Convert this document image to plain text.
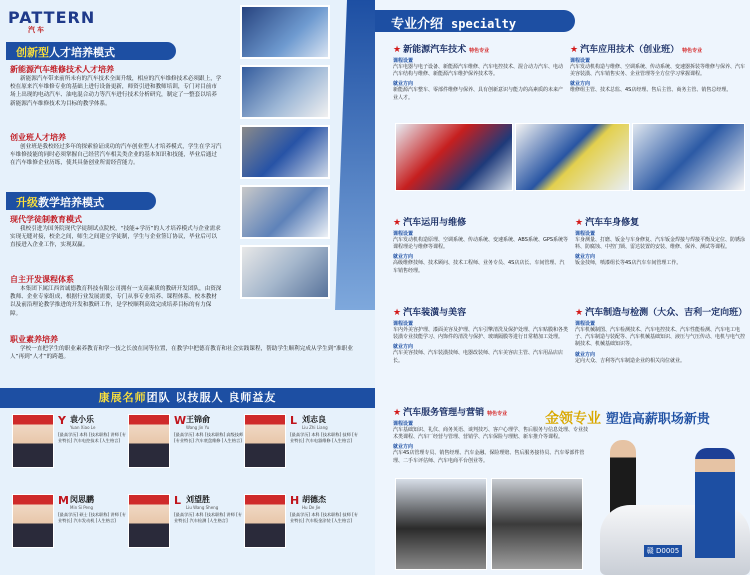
PATTERN
汽车
创新型人才培养模式
新能源汽车维修技术人才培养
新能源汽车带来前所未有的汽车技术全面升级，相应的汽车维修技术必须跟上，学校在原来汽车维修专业的基础上进行设备更新，师资引进和教师培训，专门对目前市场上出现的电动汽车、油电混合动力等汽车进行技术分析研究，制定了一整套以培养新能源汽车维修技术为目标的教学体系。
创业班人才培养
创业班是我校经过多年的探索验证成功的汽车创业型人才培养模式，学生在学习汽车维修技能的同时必须掌握自己经营汽车相关类企业的基本知识和技能，毕业后通过在汽车维修企业历练，使其具备创业所需经营能力。
升级教学培养模式
现代学徒制教育模式
我校引进为国务院现代学徒制试点院校，“技能+学历”的人才培养模式与企业需求实现无缝对接，校企之间，师生之间建立学徒制，学生与企业签订协议，毕业后可以直接进入企业工作，实现双赢。
自主开发课程体系
本集团下属江西省诚德教育科技有限公司拥有一支高素质的教研开发团队，由资深教师、企业专家组成，根据行业发展需要，专门从事专业培养、课程体系、校本教材以及前沿理论教学推进的开发和教研工作，是学校顺利高效完成培养目标的有力保障。
职业素养培养
学校一直把学生的职业素养教育和学一技之长放在同等位置，在教学中把德育教育和社会实践课程，帮助学生顺利完成从学生到“准职业人”再到“人才”的跨越。
康展名师团队 以技服人 良师益友
Y 袁小乐
Yuan Xiao Le
[最高学历] 本科 [技术职称] 讲师 [专业特长] 汽车电控技术 [人生格言]
W 王锦俞
Wang Jin Yu
[最高学历] 本科 [技术职称] 高级技师 [专业特长] 汽车底盘维修 [人生格言]
L 刘志良
Liu Zhi Liang
[最高学历] 本科 [技术职称] 技师 [专业特长] 汽车电器维修 [人生格言]
M 闵思鹏
Min Si Peng
[最高学历] 硕士 [技术职称] 讲师 [专业特长] 汽车发动机 [人生格言]
L 刘望胜
Liu Wang Sheng
[最高学历] 本科 [技术职称] 讲师 [专业特长] 汽车检测 [人生格言]
H 胡德杰
Hu De Jie
[最高学历] 本科 [技术职称] 技师 [专业特长] 汽车钣金涂装 [人生格言]
专业介绍 specialty
★ 新能源汽车技术 特色专业
课程设置
汽车电器与电子设备、新能源汽车维修、汽车电控技术、混合动力汽车、电动汽车结构与维修、新能源汽车维护保养技术等。
就业方向
新能源汽车整车、零部件维修与保养、具有创新意识与能力的高素质的未来产业人才。
★ 汽车应用技术（创业班） 特色专业
课程设置
汽车发动机构造与维修、空调系统、传动系统、变速器拆装等维修与保养、汽车美容装潢、汽车销售实务、企业管理等全方位学习掌握课程。
就业方向
维修组主管、技术总监、4S店经理、售后主管、商务主管、销售总经理。
★ 汽车运用与维修
课程设置
汽车发动机构造原理、空调系统、传动系统、变速系统、ABS系统、GPS系统等课程理论与维修等课程。
就业方向
高级维修技师、技术顾问、技术工程师、业务专员、4S店店长、车间管理、汽车销售经理。
★ 汽车车身修复
课程设置
车身测量、打磨、钣金与车身修复、汽车钣金焊接与焊接平衡及定位、防锈涂料、防腐蚀、中控门锁、雷达装置的安装、维修、保养、测试等课程。
就业方向
钣金技师，喷漆组长等4S店汽车车间管理工作。
★ 汽车装潢与美容
课程设置
车内外美容护理、漆面美容及护理、汽车引擎清洗及保护处理、汽车贴膜和各类装潢专业技能学习、内饰件的清洗与保护、玻璃隔膜等进行日常精加工处理。
就业方向
汽车美容技师、汽车装潢技师、电器改装师、汽车美容店主管、汽车用品店店长。
★ 汽车制造与检测（大众、吉利一定向班）
课程设置
汽车机械制图、汽车检测技术、汽车电控技术、汽车性能检测、汽车电工电子、汽车制造与装配等、汽车机械基础知识、液压与气压传动、电机与电气控制技术、机械基础知识等。
就业方向
定向大众、吉利等汽车制造企业的相关岗位就业。
★ 汽车服务管理与营销 特色专业
课程设置
汽车基础知识、礼仪、商务英语、谈判技巧、客户心理学、售后服务与信息处理、专业技术类课程、汽车厂经营与管理、营销学、汽车保险与理赔、新车推介等课程。
就业方向
汽车4S店管理专员、销售经理、汽车金融、保险理赔、售后服务接待员、汽车零部件管理、二手车评估师、汽车电商平台创业等。
金领专业 塑造高薪职场新贵
赣 D0005
